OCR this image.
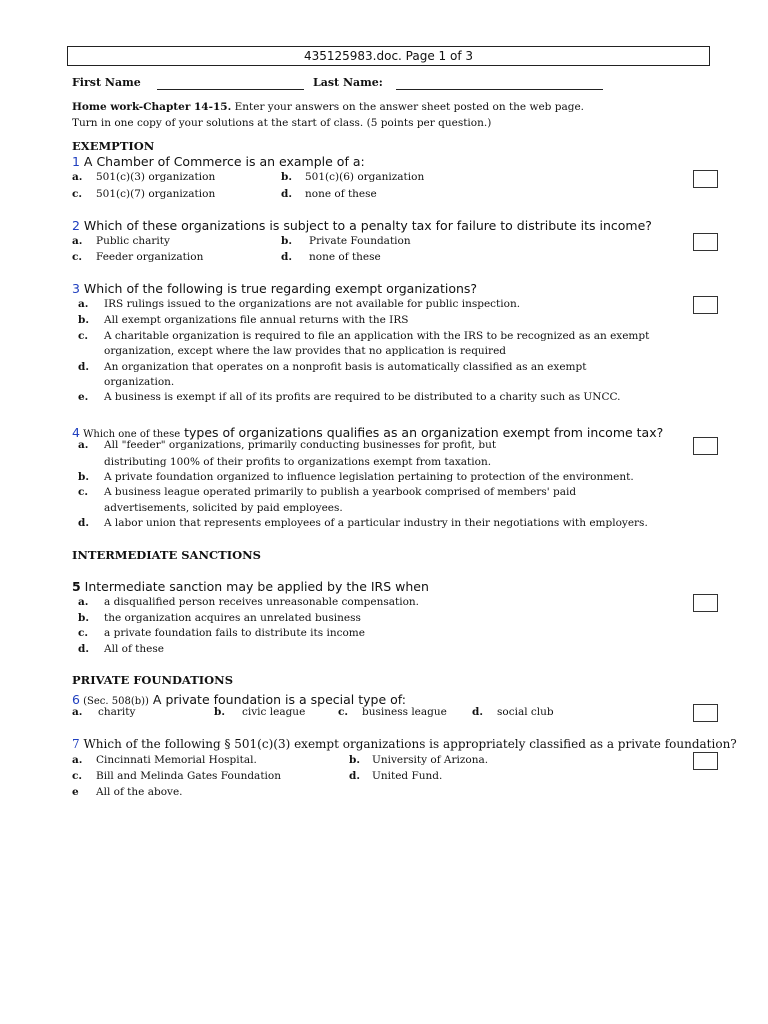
435125983.doc. Page 1 of 3
First Name	Last Name:
Home work-Chapter 14-15. Enter your answers on the answer sheet posted on the web page.
Turn in one copy of your solutions at the start of class. (5 points per question.)
EXEMPTION
1 A Chamber of Commerce is an example of a:
a. 501(c)(3) organization	b. 501(c)(6) organization
c. 501(c)(7) organization	d. none of these
2 Which of these organizations is subject to a penalty tax for failure to distribute its income?
a. Public charity	b. Private Foundation
c. Feeder organization	d. none of these
3 Which of the following is true regarding exempt organizations?
a. IRS rulings issued to the organizations are not available for public inspection.
b. All exempt organizations file annual returns with the IRS
c. A charitable organization is required to file an application with the IRS to be recognized as an exempt
organization, except where the law provides that no application is required
d. An organization that operates on a nonprofit basis is automatically classified as an exempt
organization.
e. A business is exempt if all of its profits are required to be distributed to a charity such as UNCC.
4 Which one of these types of organizations qualifies as an organization exempt from income tax?
a. All "feeder" organizations, primarily conducting businesses for profit, but
distributing 100% of their profits to organizations exempt from taxation.
b. A private foundation organized to influence legislation pertaining to protection of the environment.
c. A business league operated primarily to publish a yearbook comprised of members' paid
advertisements, solicited by paid employees.
d. A labor union that represents employees of a particular industry in their negotiations with employers.
INTERMEDIATE SANCTIONS
5 Intermediate sanction may be applied by the IRS when
a. a disqualified person receives unreasonable compensation.
b. the organization acquires an unrelated business
c. a private foundation fails to distribute its income
d. All of these
PRIVATE FOUNDATIONS
6 (Sec. 508(b)) A private foundation is a special type of:
a. charity	b. civic league	c. business league d. social club
7 Which of the following § 501(c)(3) exempt organizations is appropriately classified as a private foundation?
a. Cincinnati Memorial Hospital.	b. University of Arizona.
c. Bill and Melinda Gates Foundation	d. United Fund.
e All of the above.
